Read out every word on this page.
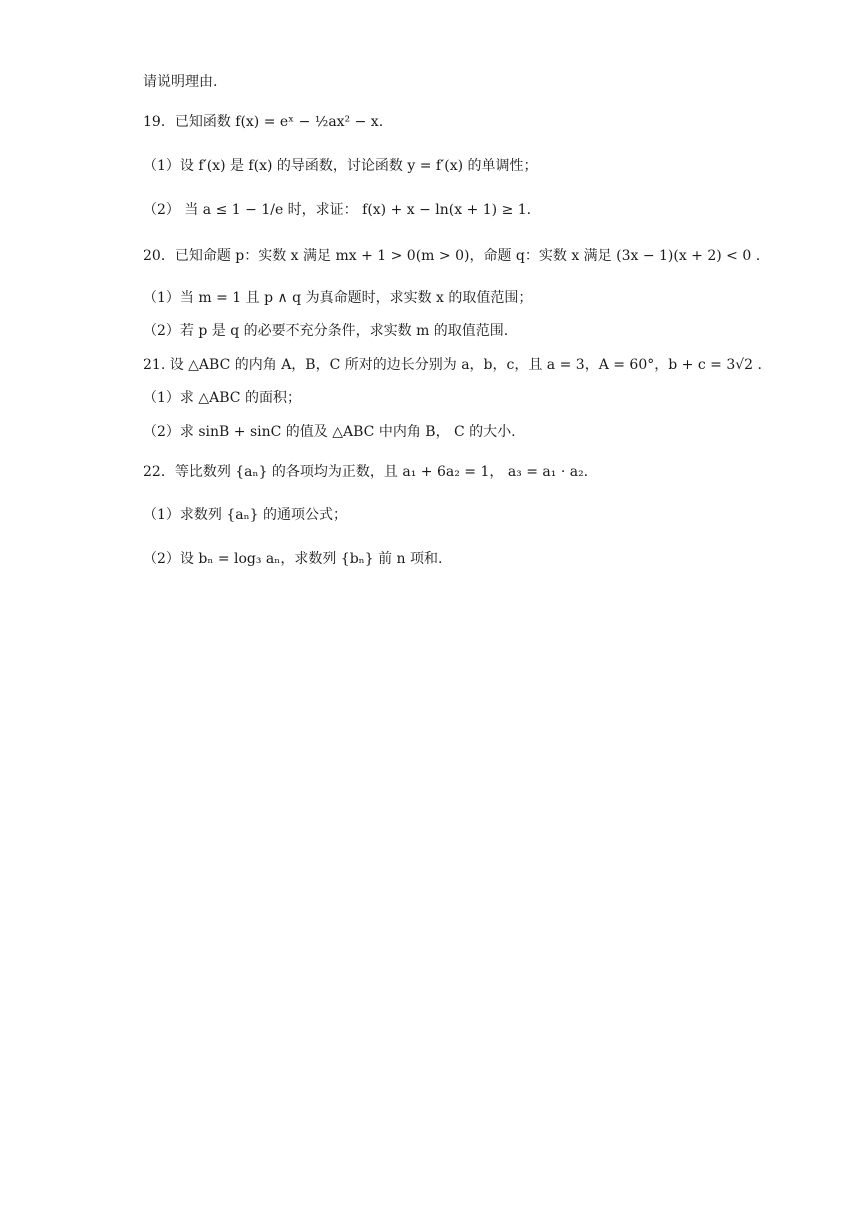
请说明理由.
19．已知函数 f(x) = eˣ − ½ax² − x.
（1）设 f′(x) 是 f(x) 的导函数，讨论函数 y = f′(x) 的单调性；
（2） 当 a ≤ 1 − 1/e 时，求证： f(x) + x − ln(x + 1) ≥ 1.
20．已知命题 p：实数 x 满足 mx + 1 > 0(m > 0)，命题 q：实数 x 满足 (3x − 1)(x + 2) < 0 .
（1）当 m = 1 且 p ∧ q 为真命题时，求实数 x 的取值范围；
（2）若 p 是 q 的必要不充分条件，求实数 m 的取值范围.
21. 设 △ABC 的内角 A，B，C 所对的边长分别为 a，b，c，且 a = 3，A = 60°，b + c = 3√2 .
（1）求 △ABC 的面积；
（2）求 sinB + sinC 的值及 △ABC 中内角 B， C 的大小.
22．等比数列 {aₙ} 的各项均为正数，且 a₁ + 6a₂ = 1， a₃ = a₁ · a₂.
（1）求数列 {aₙ} 的通项公式；
（2）设 bₙ = log₃ aₙ，求数列 {bₙ} 前 n 项和.
